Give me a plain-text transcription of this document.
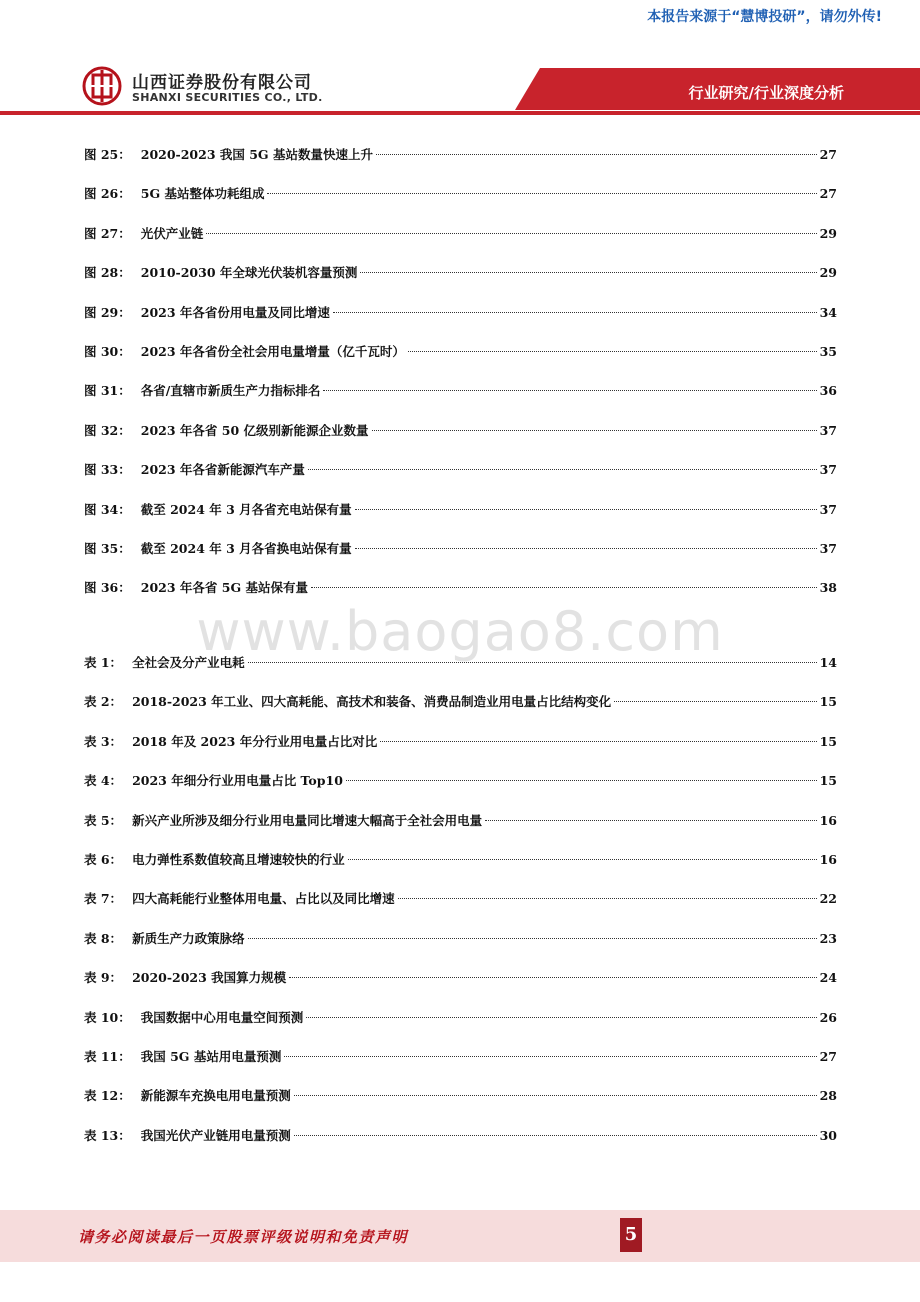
本报告来源于“慧博投研”，请勿外传!
山西证券股份有限公司
SHANXI SECURITIES CO., LTD.	行业研究/行业深度分析
图 25： 2020-2023 我国 5G 基站数量快速上升	27
图 26： 5G 基站整体功耗组成	27
图 27： 光伏产业链	29
图 28： 2010-2030 年全球光伏装机容量预测	29
图 29： 2023 年各省份用电量及同比增速	34
图 30： 2023 年各省份全社会用电量增量（亿千瓦时）	35
图 31： 各省/直辖市新质生产力指标排名	36
图 32： 2023 年各省 50 亿级别新能源企业数量	37
图 33： 2023 年各省新能源汽车产量	37
图 34： 截至 2024 年 3 月各省充电站保有量	37
图 35： 截至 2024 年 3 月各省换电站保有量	37
图 36： 2023 年各省 5G 基站保有量	38
表 1： 全社会及分产业电耗	14
表 2： 2018-2023 年工业、四大高耗能、高技术和装备、消费品制造业用电量占比结构变化	15
表 3： 2018 年及 2023 年分行业用电量占比对比	15
表 4： 2023 年细分行业用电量占比 Top10	15
表 5： 新兴产业所涉及细分行业用电量同比增速大幅高于全社会用电量	16
表 6： 电力弹性系数值较高且增速较快的行业	16
表 7： 四大高耗能行业整体用电量、占比以及同比增速	22
表 8： 新质生产力政策脉络	23
表 9： 2020-2023 我国算力规模	24
表 10： 我国数据中心用电量空间预测	26
表 11： 我国 5G 基站用电量预测	27
表 12： 新能源车充换电用电量预测	28
表 13： 我国光伏产业链用电量预测	30
www.baogao8.com
请务必阅读最后一页股票评级说明和免责声明	5
